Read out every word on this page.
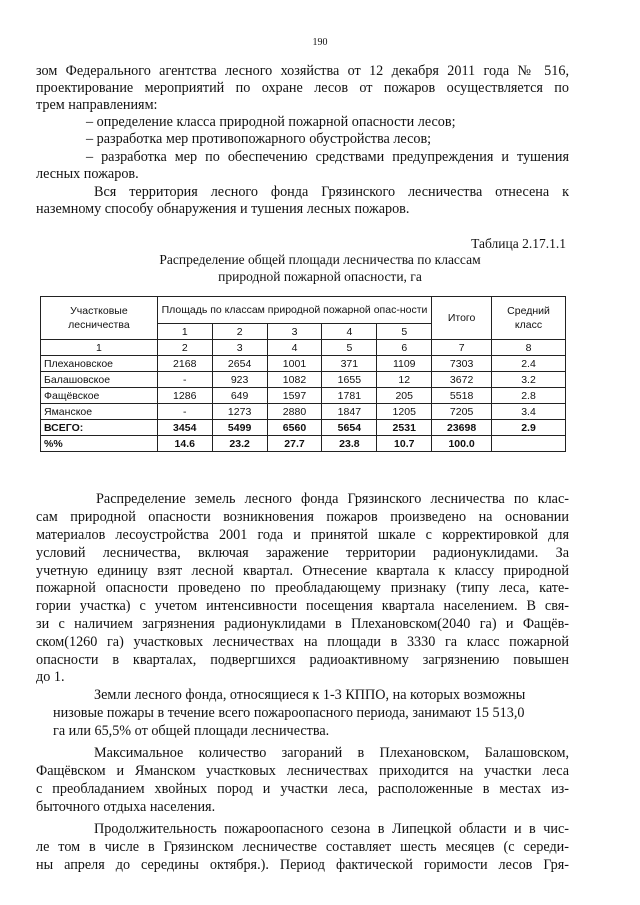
190
зом Федерального агентства лесного хозяйства от 12 декабря 2011 года № 516,
проектирование мероприятий по охране лесов от пожаров осуществляется по
трем направлениям:
– определение класса природной пожарной опасности лесов;
– разработка мер противопожарного обустройства лесов;
– разработка мер по обеспечению средствами предупреждения и тушения
лесных пожаров.
Вся территория лесного фонда Грязинского лесничества отнесена к
наземному способу обнаружения и тушения лесных пожаров.
Таблица 2.17.1.1
Распределение общей площади лесничества по классам
природной пожарной опасности, га
Участковые лесничества	Площадь по классам природной пожарной опас-ности					Итого	Средний класс
	1	2	3	4	5		
1	2	3	4	5	6	7	8
Плехановское	2168	2654	1001	371	1109	7303	2.4
Балашовское	-	923	1082	1655	12	3672	3.2
Фащёвское	1286	649	1597	1781	205	5518	2.8
Яманское	-	1273	2880	1847	1205	7205	3.4
ВСЕГО:	3454	5499	6560	5654	2531	23698	2.9
%%	14.6	23.2	27.7	23.8	10.7	100.0	
Распределение земель лесного фонда Грязинского лесничества по клас-
сам природной опасности возникновения пожаров произведено на основании
материалов лесоустройства 2001 года и принятой шкале с корректировкой для
условий лесничества, включая заражение территории радионуклидами. За
учетную единицу взят лесной квартал. Отнесение квартала к классу природной
пожарной опасности проведено по преобладающему признаку (типу леса, кате-
гории участка) с учетом интенсивности посещения квартала населением. В свя-
зи с наличием загрязнения радионуклидами в Плехановском(2040 га) и Фащёв-
ском(1260 га) участковых лесничествах на площади в 3330 га класс пожарной
опасности в кварталах, подвергшихся радиоактивному загрязнению повышен
до 1.
Земли лесного фонда, относящиеся к 1-3 КППО, на которых возможны
низовые пожары в течение всего пожароопасного периода, занимают 15 513,0
га или 65,5% от общей площади лесничества.
Максимальное количество загораний в Плехановском, Балашовском,
Фащёвском и Яманском участковых лесничествах приходится на участки леса
с преобладанием хвойных пород и участки леса, расположенные в местах из-
быточного отдыха населения.
Продолжительность пожароопасного сезона в Липецкой области и в чис-
ле том в числе в Грязинском лесничестве составляет шесть месяцев (с середи-
ны апреля до середины октября.). Период фактической горимости лесов Гря-
